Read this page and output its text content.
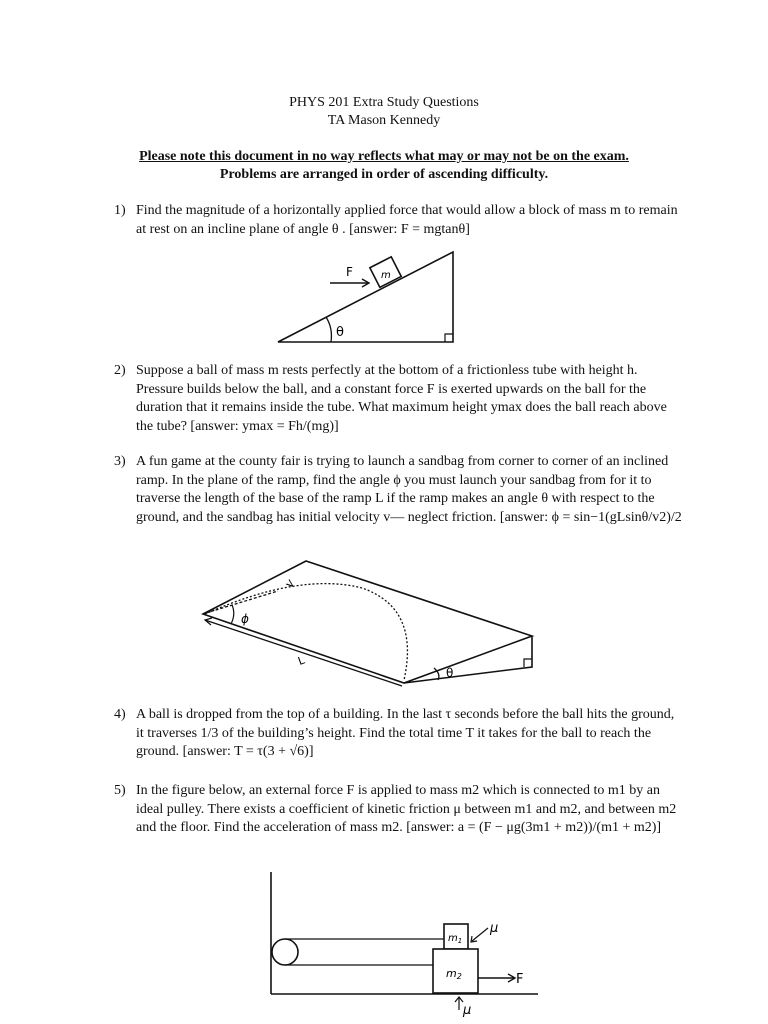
PHYS 201 Extra Study Questions
TA Mason Kennedy
Please note this document in no way reflects what may or may not be on the exam.
Problems are arranged in order of ascending difficulty.
1) Find the magnitude of a horizontally applied force that would allow a block of mass m to remain at rest on an incline plane of angle θ . [answer: F = mgtanθ]
θ
m
F
2) Suppose a ball of mass m rests perfectly at the bottom of a frictionless tube with height h. Pressure builds below the ball, and a constant force F is exerted upwards on the ball for the duration that it remains inside the tube. What maximum height ymax does the ball reach above the tube? [answer: ymax = Fh/(mg)]
3) A fun game at the county fair is trying to launch a sandbag from corner to corner of an inclined ramp. In the plane of the ramp, find the angle ϕ you must launch your sandbag from for it to traverse the length of the base of the ramp L if the ramp makes an angle θ with respect to the ground, and the sandbag has initial velocity v— neglect friction. [answer: ϕ = sin−1(gLsinθ/v2)/2
θ
v
ϕ
L
4) A ball is dropped from the top of a building. In the last τ seconds before the ball hits the ground, it traverses 1/3 of the building’s height. Find the total time T it takes for the ball to reach the ground. [answer: T = τ(3 + √6)]
5) In the figure below, an external force F is applied to mass m2 which is connected to m1 by an ideal pulley. There exists a coefficient of kinetic friction μ between m1 and m2, and between m2 and the floor. Find the acceleration of mass m2. [answer: a = (F − μg(3m1 + m2))/(m1 + m2)]
$m_1$
m2	F
μ
μ
